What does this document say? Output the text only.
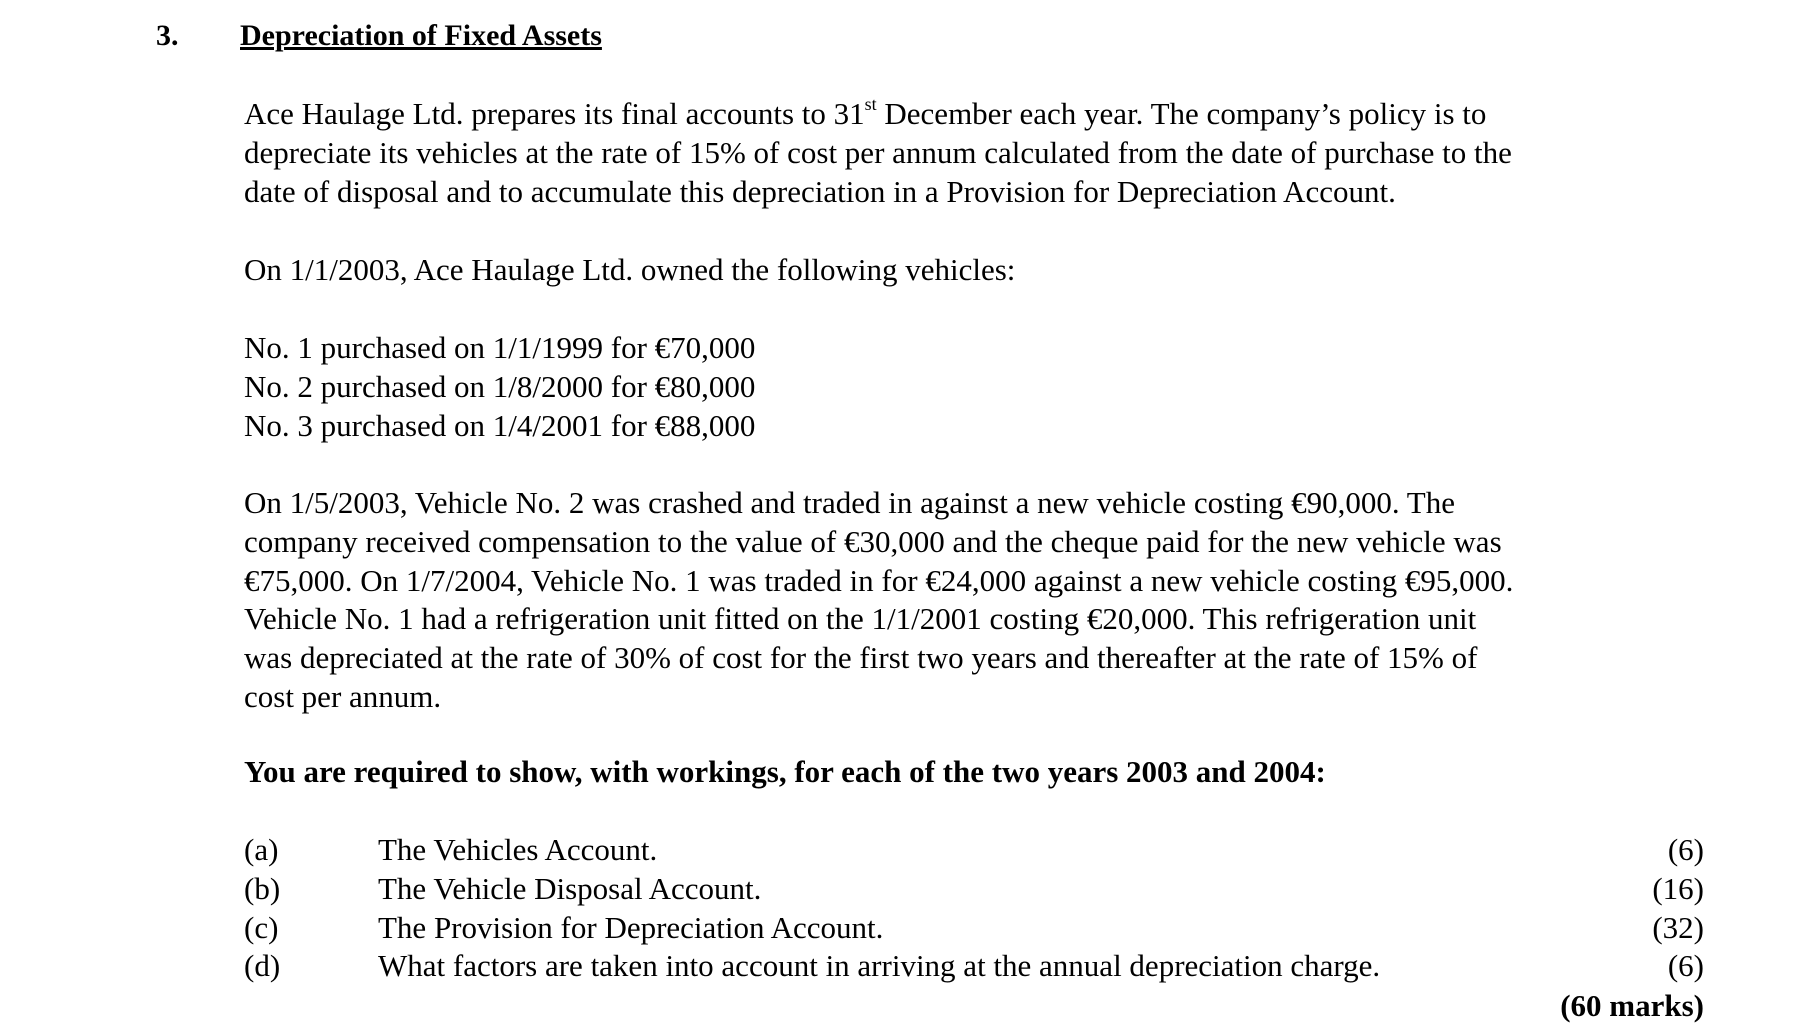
3. Depreciation of Fixed Assets

Ace Haulage Ltd. prepares its final accounts to 31st December each year. The company’s policy is to
depreciate its vehicles at the rate of 15% of cost per annum calculated from the date of purchase to the
date of disposal and to accumulate this depreciation in a Provision for Depreciation Account.

On 1/1/2003, Ace Haulage Ltd. owned the following vehicles:

No. 1 purchased on 1/1/1999 for €70,000
No. 2 purchased on 1/8/2000 for €80,000
No. 3 purchased on 1/4/2001 for €88,000

On 1/5/2003, Vehicle No. 2 was crashed and traded in against a new vehicle costing €90,000. The
company received compensation to the value of €30,000 and the cheque paid for the new vehicle was
€75,000. On 1/7/2004, Vehicle No. 1 was traded in for €24,000 against a new vehicle costing €95,000.
Vehicle No. 1 had a refrigeration unit fitted on the 1/1/2001 costing €20,000. This refrigeration unit
was depreciated at the rate of 30% of cost for the first two years and thereafter at the rate of 15% of
cost per annum.

You are required to show, with workings, for each of the two years 2003 and 2004:

(a)	The Vehicles Account.	(6)
(b)	The Vehicle Disposal Account.	(16)
(c)	The Provision for Depreciation Account.	(32)
(d)	What factors are taken into account in arriving at the annual depreciation charge.	(6)
(60 marks)
